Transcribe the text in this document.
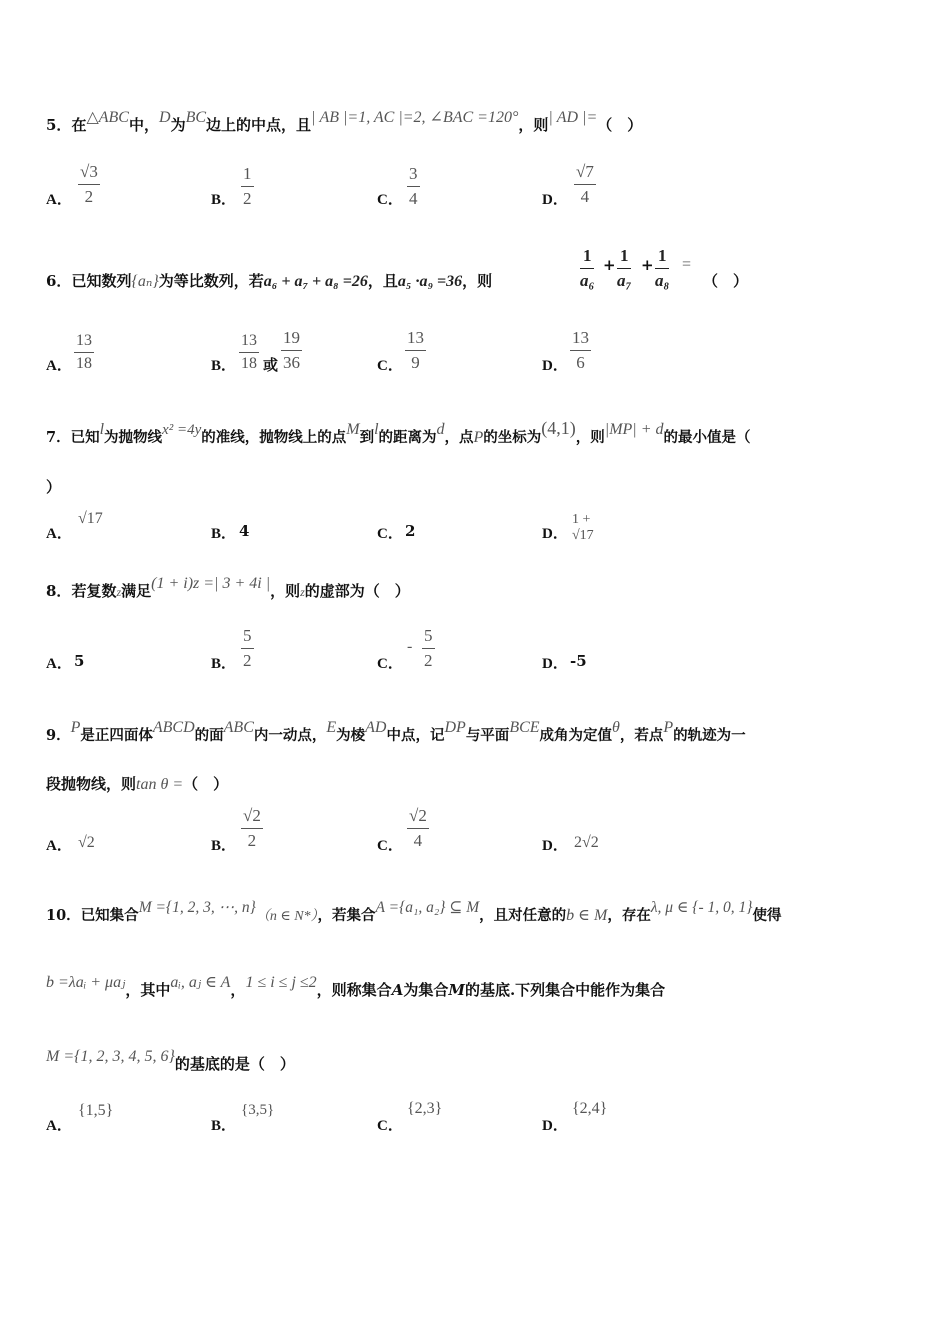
5．在△ABC中，D为BC边上的中点，且| AB |=1, AC |=2, ∠BAC =120°，则| AD |=（　）
A．
√3
2	B．
1
2	C．
3
4	D．
√7
4
6．已知数列{aₙ}为等比数列，若a₆ + a₇ + a₈ =26，且a₅ ·a₉ =36，则
1
a₆
+ 1
a₇
+ 1
a₈
=
（　）
A．
13
18	B．
13
18 或
19
36	C．
13
9	D．
13
6
7．已知l为抛物线x² =4y的准线，抛物线上的点M到l的距离为d，点P的坐标为(4,1)，则|MP| + d的最小值是（
）
A．
√17
B． 4	C． 2	D．
1 + √17
8．若复数z满足(1 + i)z =| 3 + 4i |，则z的虚部为（　）
A． 5	B．
5
2	C．
-
5
2	D． -5
9．P是正四面体ABCD的面ABC内一动点，E为棱AD中点，记DP与平面BCE成角为定值θ，若点P的轨迹为一
段抛物线，则tan θ =（　）
A． √2	B．
√2
2	C．
√2
4	D． 2√2
10．已知集合M ={1, 2, 3, ⋯, n}（n ∈ N*），若集合A ={a₁, a₂} ⊆ M，且对任意的b ∈ M，存在λ, μ ∈ {- 1, 0, 1}使得
b =λaᵢ + μaⱼ，其中aᵢ, aⱼ ∈ A，1 ≤ i ≤ j ≤2，则称集合A为集合M的基底.下列集合中能作为集合
M ={1, 2, 3, 4, 5, 6}的基底的是（　）
A．
{1,5}
B．
{3,5}
C．
{2,3}
D．
{2,4}
